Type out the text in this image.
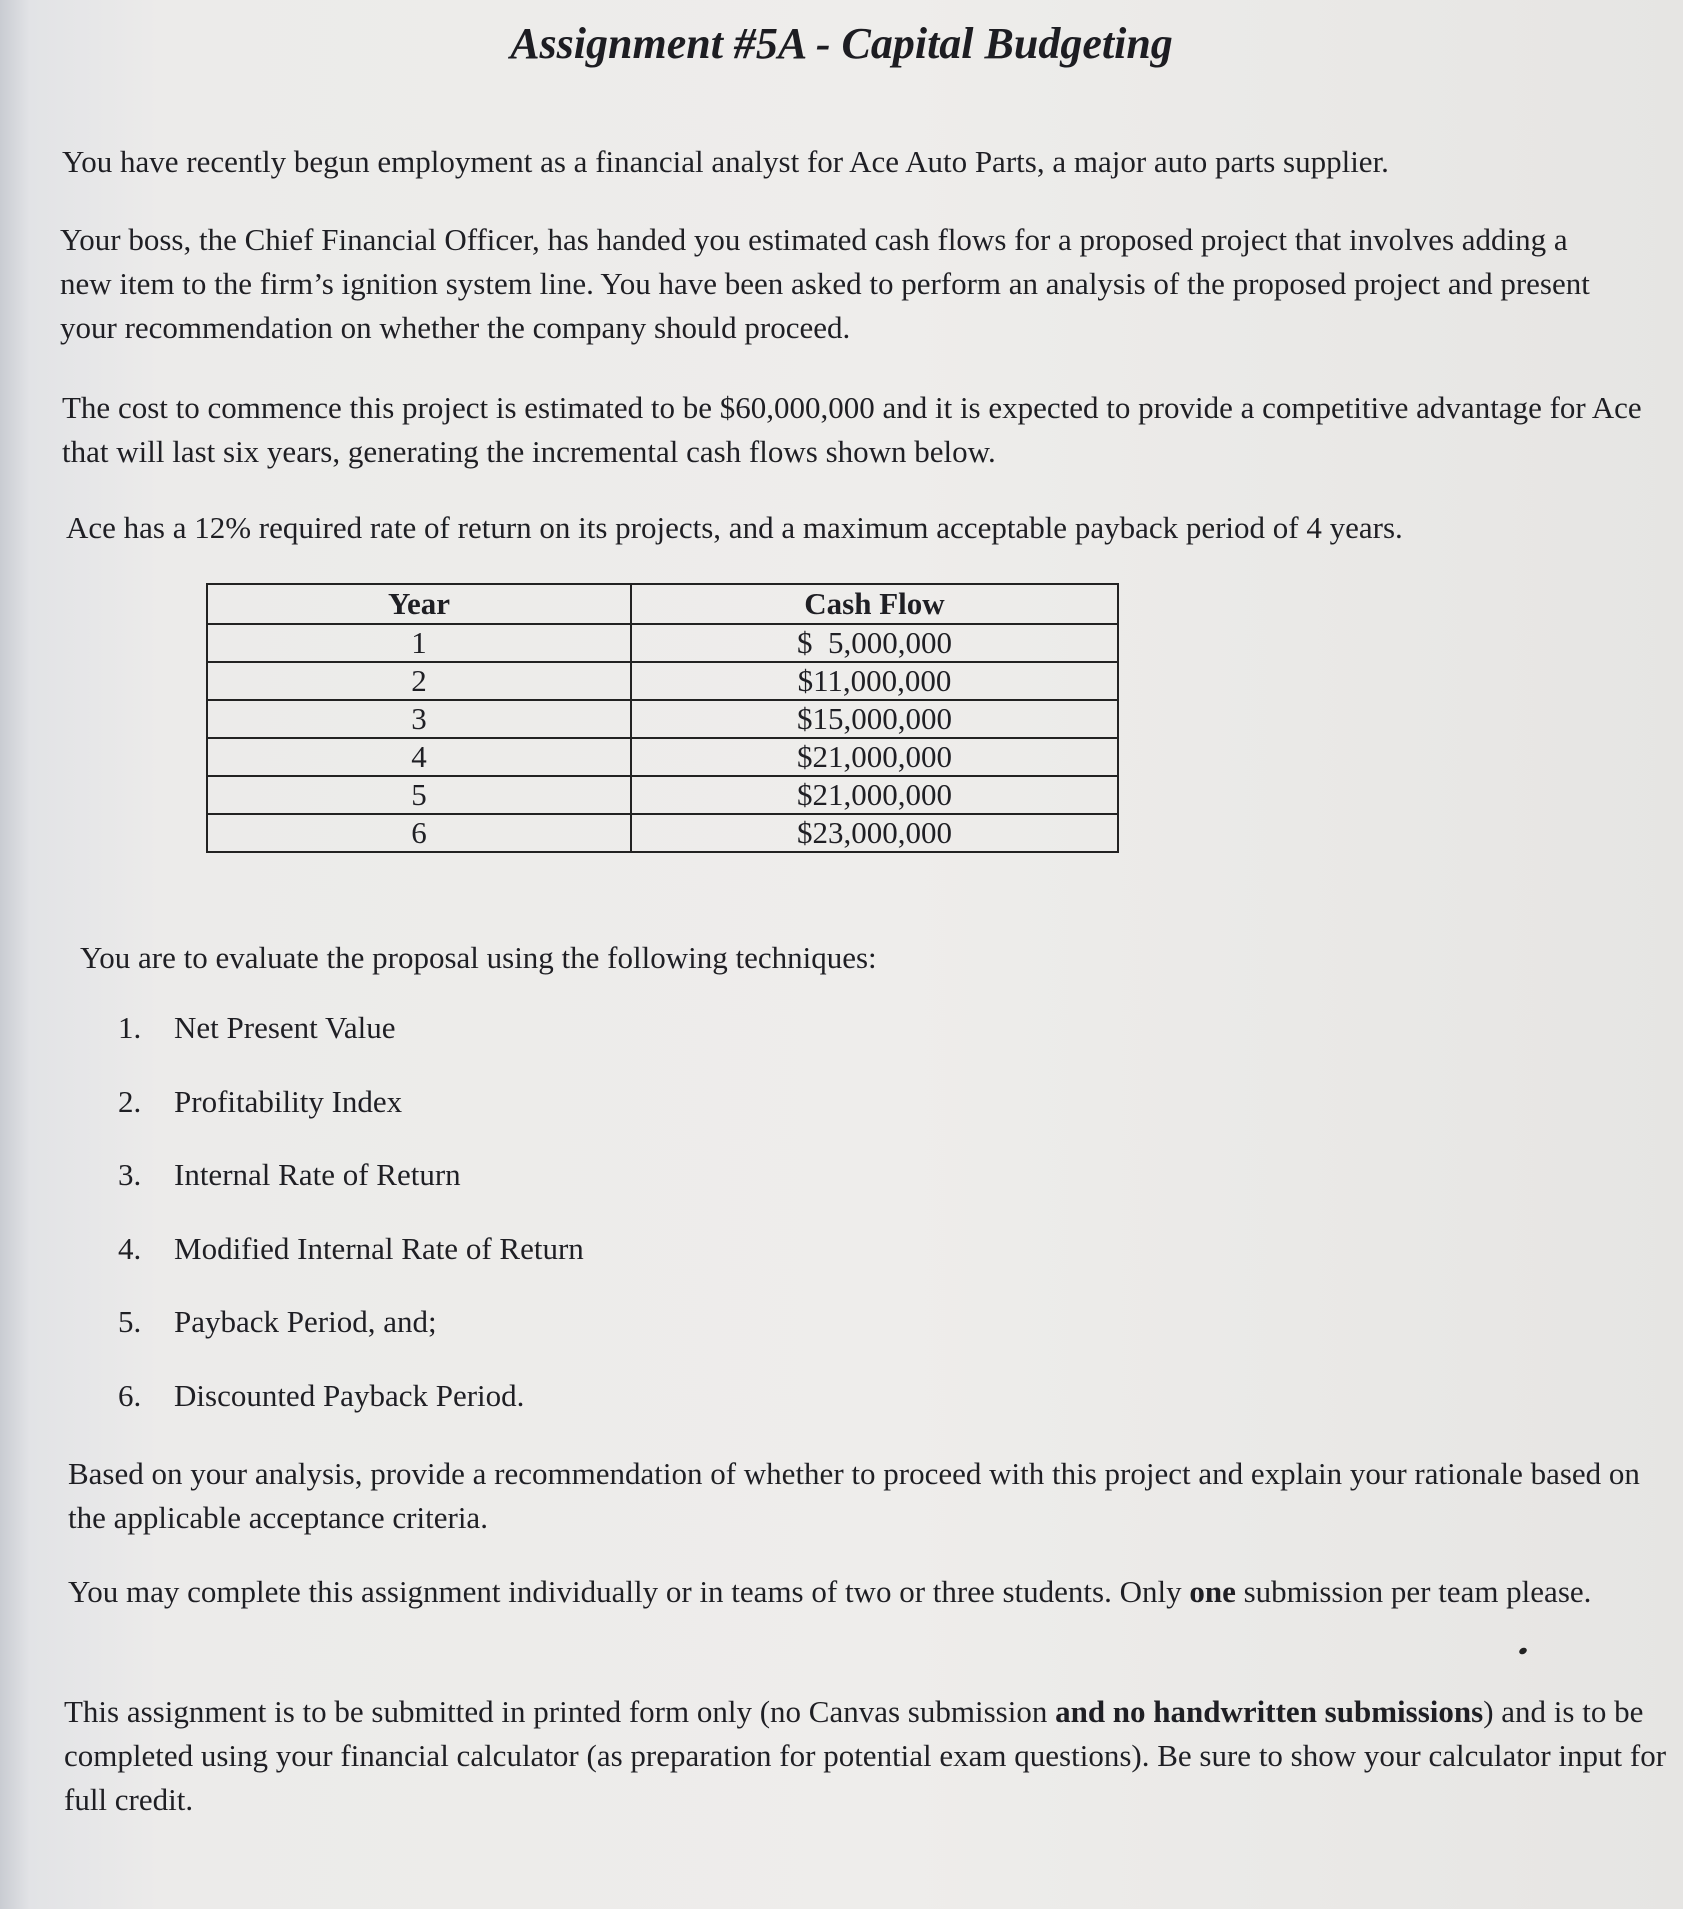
Assignment #5A - Capital Budgeting

You have recently begun employment as a financial analyst for Ace Auto Parts, a major auto parts supplier.

Your boss, the Chief Financial Officer, has handed you estimated cash flows for a proposed project that involves adding a new item to the firm’s ignition system line. You have been asked to perform an analysis of the proposed project and present your recommendation on whether the company should proceed.

The cost to commence this project is estimated to be $60,000,000 and it is expected to provide a competitive advantage for Ace that will last six years, generating the incremental cash flows shown below.

Ace has a 12% required rate of return on its projects, and a maximum acceptable payback period of 4 years.

Year	Cash Flow
1	$  5,000,000
2	$11,000,000
3	$15,000,000
4	$21,000,000
5	$21,000,000
6	$23,000,000

You are to evaluate the proposal using the following techniques:

1. Net Present Value
2. Profitability Index
3. Internal Rate of Return
4. Modified Internal Rate of Return
5. Payback Period, and;
6. Discounted Payback Period.

Based on your analysis, provide a recommendation of whether to proceed with this project and explain your rationale based on the applicable acceptance criteria.

You may complete this assignment individually or in teams of two or three students. Only one submission per team please.

This assignment is to be submitted in printed form only (no Canvas submission and no handwritten submissions) and is to be completed using your financial calculator (as preparation for potential exam questions). Be sure to show your calculator input for full credit.
